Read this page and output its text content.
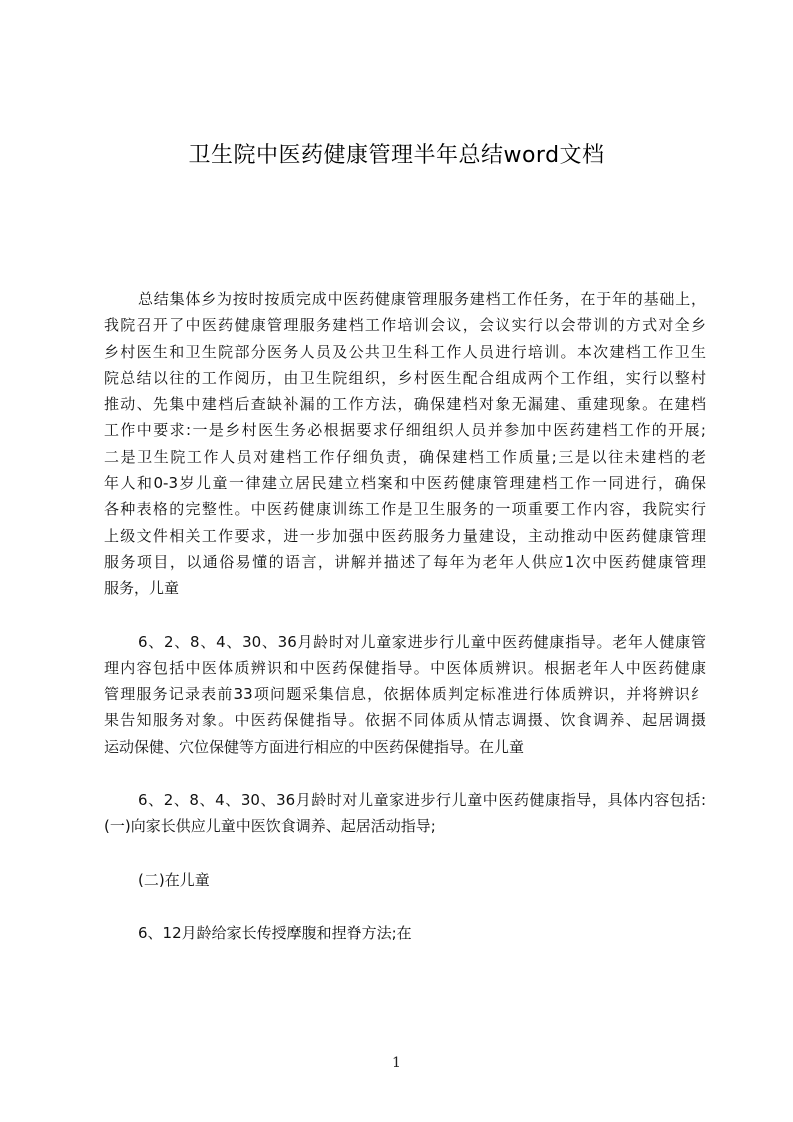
卫生院中医药健康管理半年总结word文档
总结集体乡为按时按质完成中医药健康管理服务建档工作任务，在于年的基础上，
我院召开了中医药健康管理服务建档工作培训会议，会议实行以会带训的方式对全乡
乡村医生和卫生院部分医务人员及公共卫生科工作人员进行培训。本次建档工作卫生
院总结以往的工作阅历，由卫生院组织，乡村医生配合组成两个工作组，实行以整村
推动、先集中建档后查缺补漏的工作方法，确保建档对象无漏建、重建现象。在建档
工作中要求:一是乡村医生务必根据要求仔细组织人员并参加中医药建档工作的开展;
二是卫生院工作人员对建档工作仔细负责，确保建档工作质量;三是以往未建档的老
年人和0-3岁儿童一律建立居民建立档案和中医药健康管理建档工作一同进行，确保
各种表格的完整性。中医药健康训练工作是卫生服务的一项重要工作内容，我院实行
上级文件相关工作要求，进一步加强中医药服务力量建设，主动推动中医药健康管理
服务项目，以通俗易懂的语言，讲解并描述了每年为老年人供应1次中医药健康管理
服务，儿童
6、2、8、4、30、36月龄时对儿童家进步行儿童中医药健康指导。老年人健康管
理内容包括中医体质辨识和中医药保健指导。中医体质辨识。根据老年人中医药健康
管理服务记录表前33项问题采集信息，依据体质判定标准进行体质辨识，并将辨识纟
果告知服务对象。中医药保健指导。依据不同体质从情志调摄、饮食调养、起居调摄
运动保健、穴位保健等方面进行相应的中医药保健指导。在儿童
6、2、8、4、30、36月龄时对儿童家进步行儿童中医药健康指导，具体内容包括:
(一)向家长供应儿童中医饮食调养、起居活动指导;
(二)在儿童
6、12月龄给家长传授摩腹和捏脊方法;在
1
